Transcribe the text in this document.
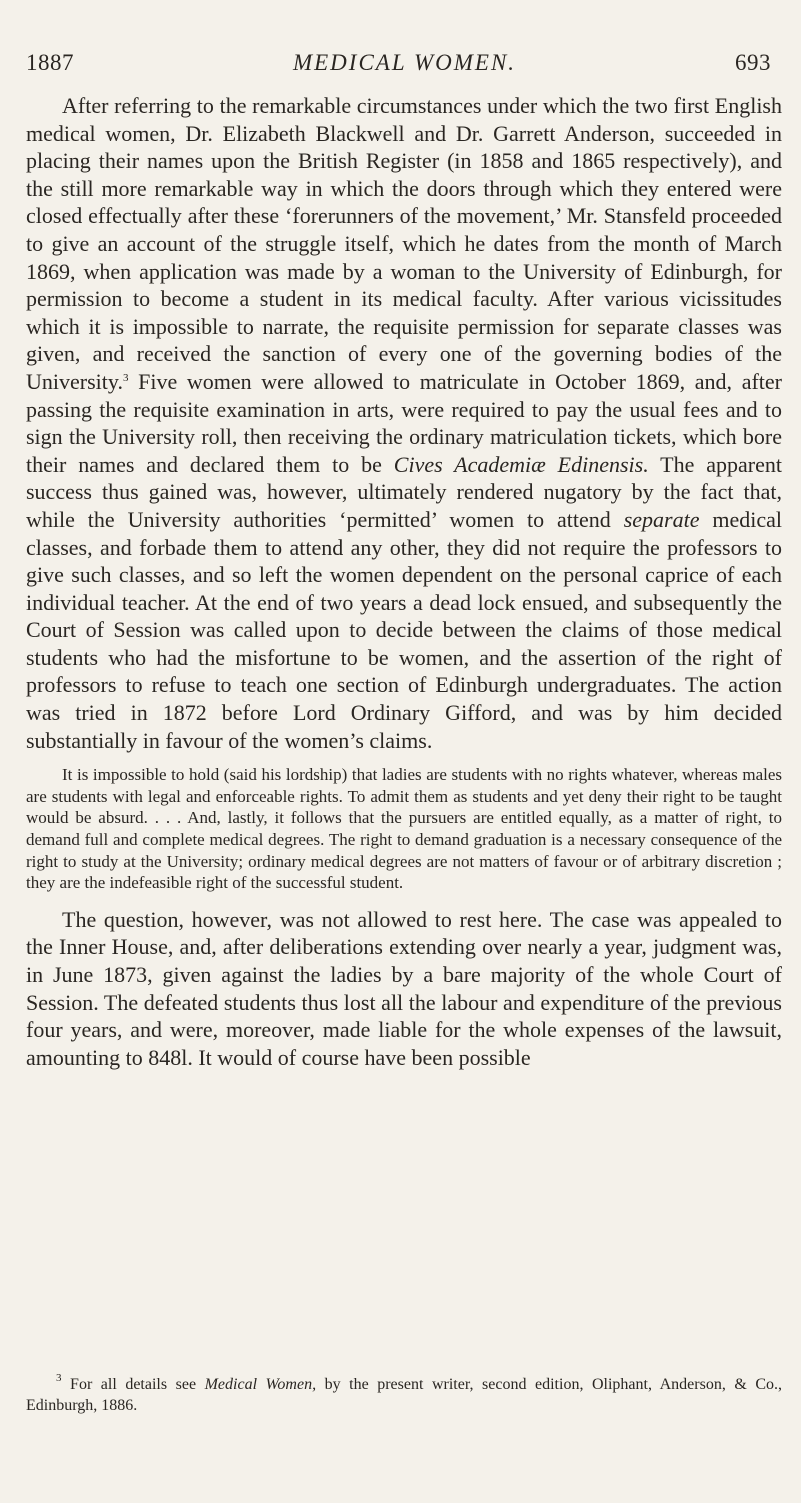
1887	MEDICAL WOMEN.	693

After referring to the remarkable circumstances under which the two first English medical women, Dr. Elizabeth Blackwell and Dr. Garrett Anderson, succeeded in placing their names upon the British Register (in 1858 and 1865 respectively), and the still more remarkable way in which the doors through which they entered were closed effectually after these ‘forerunners of the movement,’ Mr. Stansfeld proceeded to give an account of the struggle itself, which he dates from the month of March 1869, when application was made by a woman to the University of Edinburgh, for permission to become a student in its medical faculty. After various vicissitudes which it is impossible to narrate, the requisite permission for separate classes was given, and received the sanction of every one of the governing bodies of the University.$^3$ Five women were allowed to matriculate in October 1869, and, after passing the requisite examination in arts, were required to pay the usual fees and to sign the University roll, then receiving the ordinary matriculation tickets, which bore their names and declared them to be Cives Academiæ Edinensis. The apparent success thus gained was, however, ultimately rendered nugatory by the fact that, while the University authorities ‘permitted’ women to attend separate medical classes, and forbade them to attend any other, they did not require the professors to give such classes, and so left the women dependent on the personal caprice of each individual teacher. At the end of two years a dead lock ensued, and subsequently the Court of Session was called upon to decide between the claims of those medical students who had the misfortune to be women, and the assertion of the right of professors to refuse to teach one section of Edinburgh undergraduates. The action was tried in 1872 before Lord Ordinary Gifford, and was by him decided substantially in favour of the women’s claims.

It is impossible to hold (said his lordship) that ladies are students with no rights whatever, whereas males are students with legal and enforceable rights. To admit them as students and yet deny their right to be taught would be absurd. . . . And, lastly, it follows that the pursuers are entitled equally, as a matter of right, to demand full and complete medical degrees. The right to demand graduation is a necessary consequence of the right to study at the University; ordinary medical degrees are not matters of favour or of arbitrary discretion ; they are the indefeasible right of the successful student.

The question, however, was not allowed to rest here. The case was appealed to the Inner House, and, after deliberations extending over nearly a year, judgment was, in June 1873, given against the ladies by a bare majority of the whole Court of Session. The defeated students thus lost all the labour and expenditure of the previous four years, and were, moreover, made liable for the whole expenses of the lawsuit, amounting to 848l. It would of course have been possible

$^3$ For all details see Medical Women, by the present writer, second edition, Oliphant, Anderson, & Co., Edinburgh, 1886.
